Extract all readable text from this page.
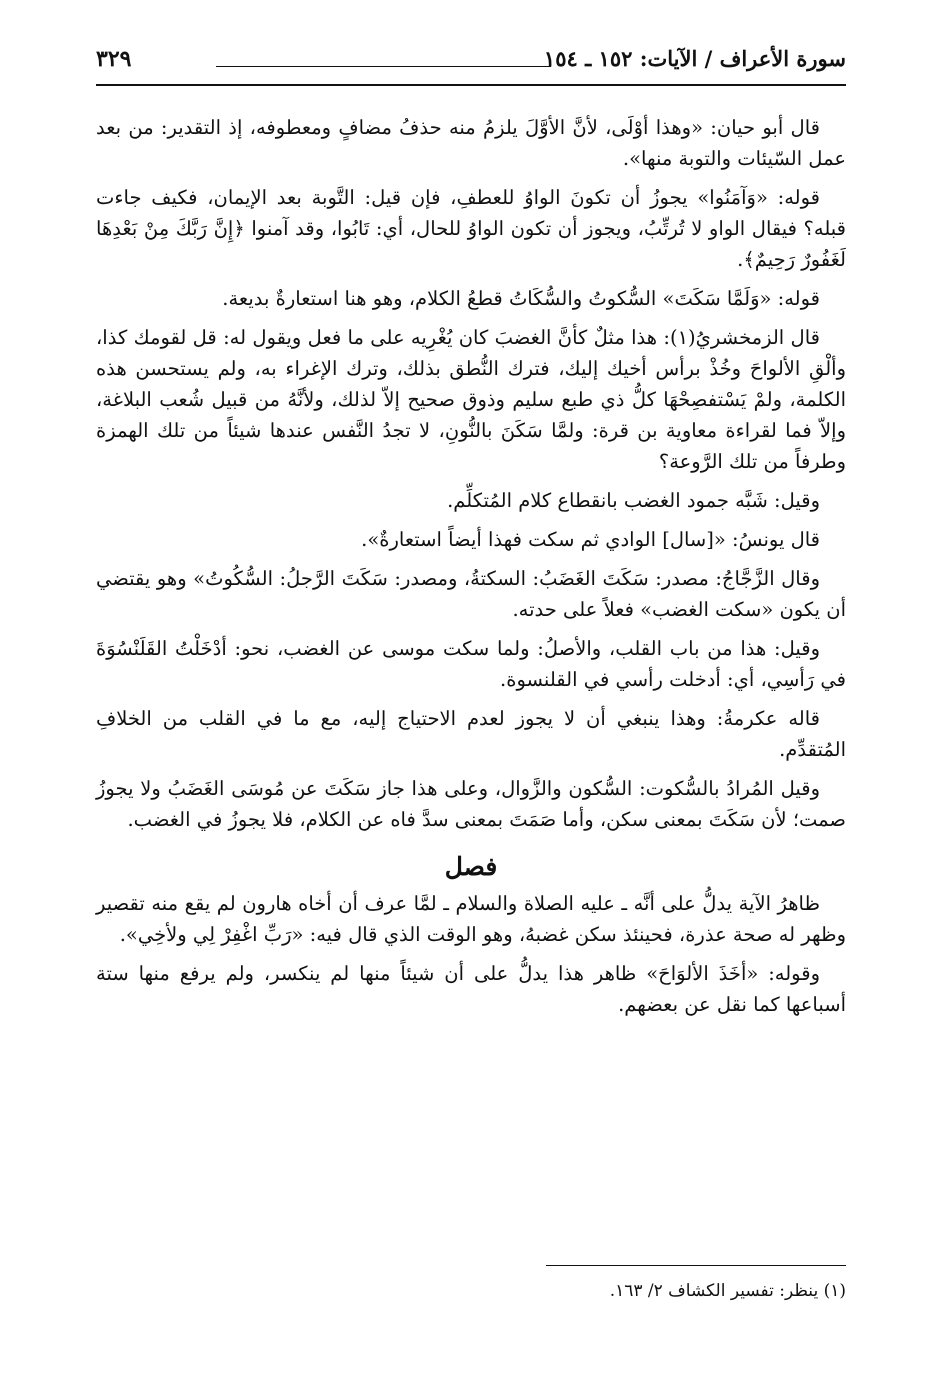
سورة الأعراف / الآيات: ١٥٢ ـ ١٥٤
٣٢٩

قال أبو حيان: «وهذا أوْلَى، لأنَّ الأوَّلَ يلزمُ منه حذفُ مضافٍ ومعطوفه، إذ التقدير: من بعد عمل السّيئات والتوبة منها».

قوله: «وَآمَنُوا» يجوزُ أن تكونَ الواوُ للعطفِ، فإن قيل: التَّوبة بعد الإيمان، فكيف جاءت قبله؟ فيقال الواو لا تُرتِّبُ، ويجوز أن تكون الواوُ للحال، أي: تَابُوا، وقد آمنوا ﴿إِنَّ رَبَّكَ مِنْ بَعْدِهَا لَغَفُورٌ رَحِيمٌ﴾.

قوله: «وَلَمَّا سَكَتَ» السُّكوتُ والسُّكَاتُ قطعُ الكلام، وهو هنا استعارةٌ بديعة.

قال الزمخشريُ(١): هذا مثلٌ كأنَّ الغضبَ كان يُغْرِيه على ما فعل ويقول له: قل لقومك كذا، وألْقِ الألواحَ وخُذْ برأس أخيك إليك، فترك النُّطق بذلك، وترك الإغراء به، ولم يستحسن هذه الكلمة، ولمْ يَسْتفصِحْهَا كلُّ ذي طبع سليم وذوق صحيح إلاّ لذلك، ولأنَّهُ من قبيل شُعب البلاغة، وإلاّ فما لقراءة معاوية بن قرة: ولمَّا سَكَنَ بالنُّونِ، لا تجدُ النَّفس عندها شيئاً من تلك الهمزة وطرفاً من تلك الرَّوعة؟

وقيل: شَبَّه جمود الغضب بانقطاع كلام المُتكلِّم.

قال يونسُ: «[سال] الوادي ثم سكت فهذا أيضاً استعارةٌ».

وقال الزَّجَّاجُ: مصدر: سَكَتَ الغَضَبُ: السكتةُ، ومصدر: سَكَتَ الرَّجلُ: السُّكُوتُ» وهو يقتضي أن يكون «سكت الغضب» فعلاً على حدته.

وقيل: هذا من باب القلب، والأصلُ: ولما سكت موسى عن الغضب، نحو: أدْخَلْتُ القَلَنْسُوَةَ في رَأسِي، أي: أدخلت رأسي في القلنسوة.

قاله عكرمةُ: وهذا ينبغي أن لا يجوز لعدم الاحتياج إليه، مع ما في القلب من الخلافِ المُتقدِّم.

وقيل المُرادُ بالسُّكوت: السُّكون والزَّوال، وعلى هذا جاز سَكَتَ عن مُوسَى الغَضَبُ ولا يجوزُ صمت؛ لأن سَكَتَ بمعنى سكن، وأما صَمَتَ بمعنى سدَّ فاه عن الكلام، فلا يجوزُ في الغضب.

فصل

ظاهرُ الآية يدلُّ على أنَّه ـ عليه الصلاة والسلام ـ لمَّا عرف أن أخاه هارون لم يقع منه تقصير وظهر له صحة عذرة، فحينئذ سكن غضبهُ، وهو الوقت الذي قال فيه: «رَبِّ اغْفِرْ لِي ولأخِي».

وقوله: «أخَذَ الألوَاحَ» ظاهر هذا يدلُّ على أن شيئاً منها لم ينكسر، ولم يرفع منها ستة أسباعها كما نقل عن بعضهم.

(١) ينظر: تفسير الكشاف ٢/ ١٦٣.
